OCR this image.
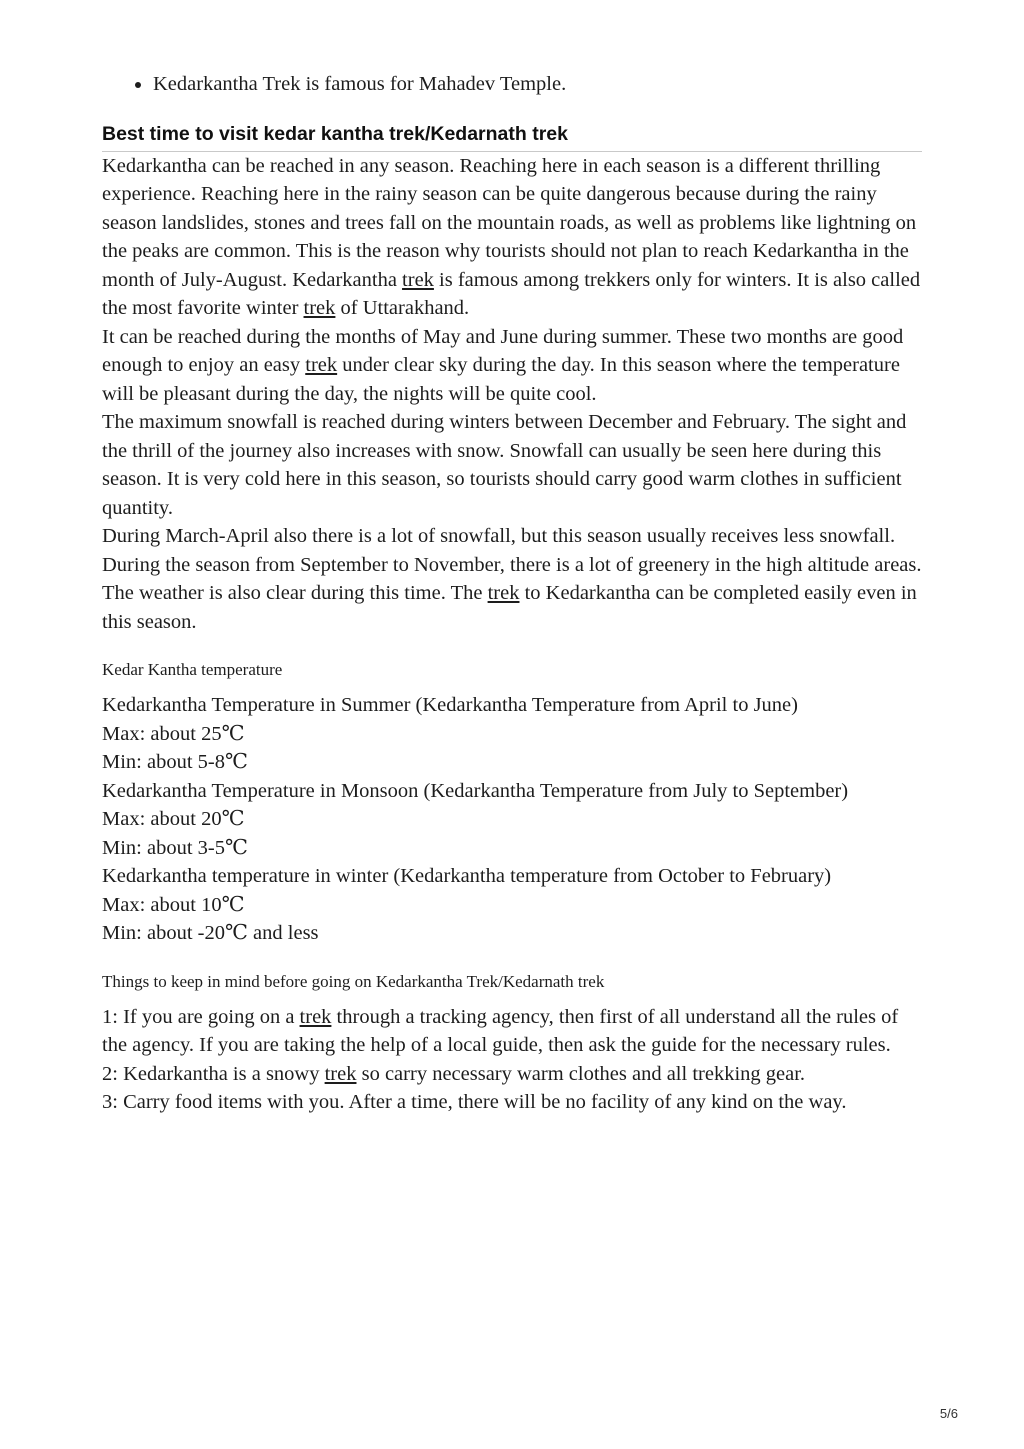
• Kedarkantha Trek is famous for Mahadev Temple.
Best time to visit kedar kantha trek/Kedarnath trek

Kedarkantha can be reached in any season. Reaching here in each season is a different thrilling experience. Reaching here in the rainy season can be quite dangerous because during the rainy season landslides, stones and trees fall on the mountain roads, as well as problems like lightning on the peaks are common. This is the reason why tourists should not plan to reach Kedarkantha in the month of July-August. Kedarkantha trek is famous among trekkers only for winters. It is also called the most favorite winter trek of Uttarakhand.

It can be reached during the months of May and June during summer. These two months are good enough to enjoy an easy trek under clear sky during the day. In this season where the temperature will be pleasant during the day, the nights will be quite cool.

The maximum snowfall is reached during winters between December and February. The sight and the thrill of the journey also increases with snow. Snowfall can usually be seen here during this season. It is very cold here in this season, so tourists should carry good warm clothes in sufficient quantity.

During March-April also there is a lot of snowfall, but this season usually receives less snowfall.

During the season from September to November, there is a lot of greenery in the high altitude areas. The weather is also clear during this time. The trek to Kedarkantha can be completed easily even in this season.

Kedar Kantha temperature
Kedarkantha Temperature in Summer (Kedarkantha Temperature from April to June)
Max: about 25℃
Min: about 5-8℃
Kedarkantha Temperature in Monsoon (Kedarkantha Temperature from July to September)
Max: about 20℃
Min: about 3-5℃
Kedarkantha temperature in winter (Kedarkantha temperature from October to February)
Max: about 10℃
Min: about -20℃ and less
Things to keep in mind before going on Kedarkantha Trek/Kedarnath trek

1: If you are going on a trek through a tracking agency, then first of all understand all the rules of the agency. If you are taking the help of a local guide, then ask the guide for the necessary rules.

2: Kedarkantha is a snowy trek so carry necessary warm clothes and all trekking gear.

3: Carry food items with you. After a time, there will be no facility of any kind on the way.

5/6
